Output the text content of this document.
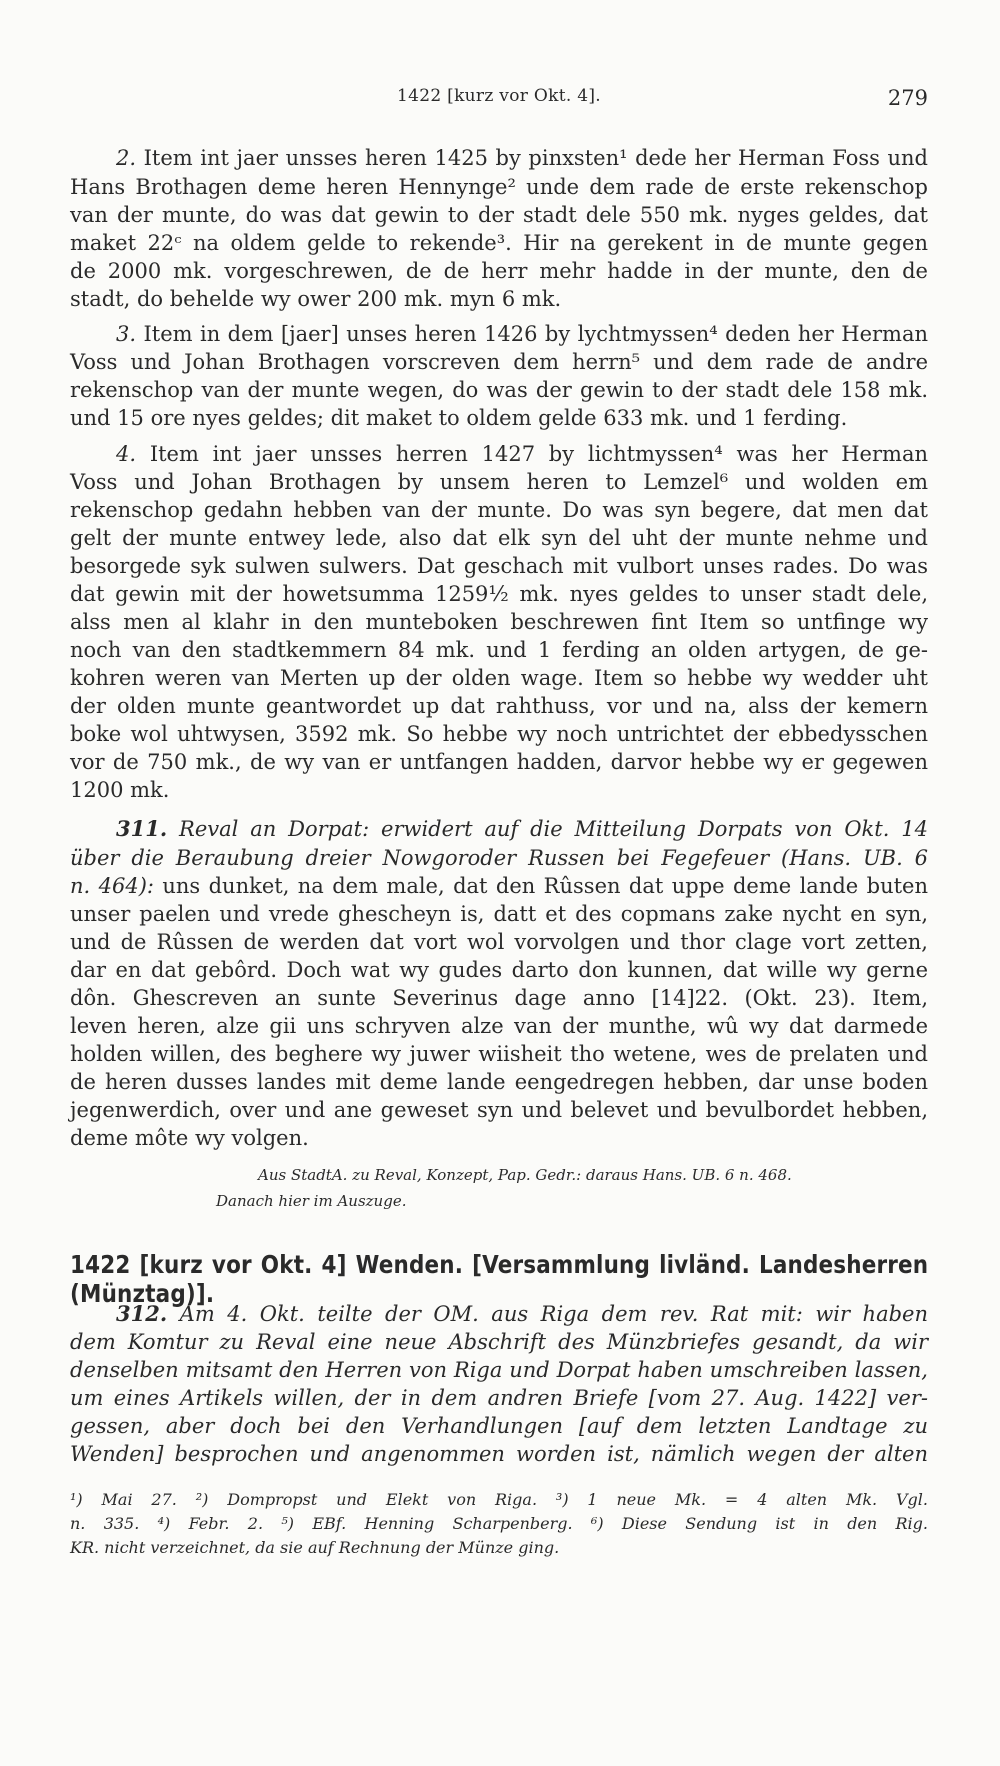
1422 [kurz vor Okt. 4].	279
2. Item int jaer unsses heren 1425 by pinxsten¹ dede her Herman Foss und
Hans Brothagen deme heren Hennynge² unde dem rade de erste rekenschop
van der munte, do was dat gewin to der stadt dele 550 mk. nyges geldes, dat
maket 22ᶜ na oldem gelde to rekende³. Hir na gerekent in de munte gegen
de 2000 mk. vorgeschrewen, de de herr mehr hadde in der munte, den de
stadt, do behelde wy ower 200 mk. myn 6 mk.
3. Item in dem [jaer] unses heren 1426 by lychtmyssen⁴ deden her Herman
Voss und Johan Brothagen vorscreven dem herrn⁵ und dem rade de andre
rekenschop van der munte wegen, do was der gewin to der stadt dele 158 mk.
und 15 ore nyes geldes; dit maket to oldem gelde 633 mk. und 1 ferding.
4. Item int jaer unsses herren 1427 by lichtmyssen⁴ was her Herman
Voss und Johan Brothagen by unsem heren to Lemzel⁶ und wolden em
rekenschop gedahn hebben van der munte. Do was syn begere, dat men dat
gelt der munte entwey lede, also dat elk syn del uht der munte nehme und
besorgede syk sulwen sulwers. Dat geschach mit vulbort unses rades. Do was
dat gewin mit der howetsumma 1259½ mk. nyes geldes to unser stadt dele,
alss men al klahr in den munteboken beschrewen fint Item so untfinge wy
noch van den stadtkemmern 84 mk. und 1 ferding an olden artygen, de ge-
kohren weren van Merten up der olden wage. Item so hebbe wy wedder uht
der olden munte geantwordet up dat rahthuss, vor und na, alss der kemern
boke wol uhtwysen, 3592 mk. So hebbe wy noch untrichtet der ebbedysschen
vor de 750 mk., de wy van er untfangen hadden, darvor hebbe wy er gegewen
1200 mk.
311. Reval an Dorpat: erwidert auf die Mitteilung Dorpats von Okt. 14
über die Beraubung dreier Nowgoroder Russen bei Fegefeuer (Hans. UB. 6
n. 464): uns dunket, na dem male, dat den Rûssen dat uppe deme lande buten
unser paelen und vrede ghescheyn is, datt et des copmans zake nycht en syn,
und de Rûssen de werden dat vort wol vorvolgen und thor clage vort zetten,
dar en dat gebôrd. Doch wat wy gudes darto don kunnen, dat wille wy gerne
dôn. Ghescreven an sunte Severinus dage anno [14]22. (Okt. 23). Item,
leven heren, alze gii uns schryven alze van der munthe, wû wy dat darmede
holden willen, des beghere wy juwer wiisheit tho wetene, wes de prelaten und
de heren dusses landes mit deme lande eengedregen hebben, dar unse boden
jegenwerdich, over und ane geweset syn und belevet und bevulbordet hebben,
deme môte wy volgen.
Aus StadtA. zu Reval, Konzept, Pap. Gedr.: daraus Hans. UB. 6 n. 468.
Danach hier im Auszuge.
1422 [kurz vor Okt. 4] Wenden. [Versammlung livländ. Landesherren (Münztag)].
312. Am 4. Okt. teilte der OM. aus Riga dem rev. Rat mit: wir haben
dem Komtur zu Reval eine neue Abschrift des Münzbriefes gesandt, da wir
denselben mitsamt den Herren von Riga und Dorpat haben umschreiben lassen,
um eines Artikels willen, der in dem andren Briefe [vom 27. Aug. 1422] ver-
gessen, aber doch bei den Verhandlungen [auf dem letzten Landtage zu
Wenden] besprochen und angenommen worden ist, nämlich wegen der alten
¹) Mai 27. ²) Dompropst und Elekt von Riga. ³) 1 neue Mk. = 4 alten Mk. Vgl.
n. 335. ⁴) Febr. 2. ⁵) EBf. Henning Scharpenberg. ⁶) Diese Sendung ist in den Rig.
KR. nicht verzeichnet, da sie auf Rechnung der Münze ging.
